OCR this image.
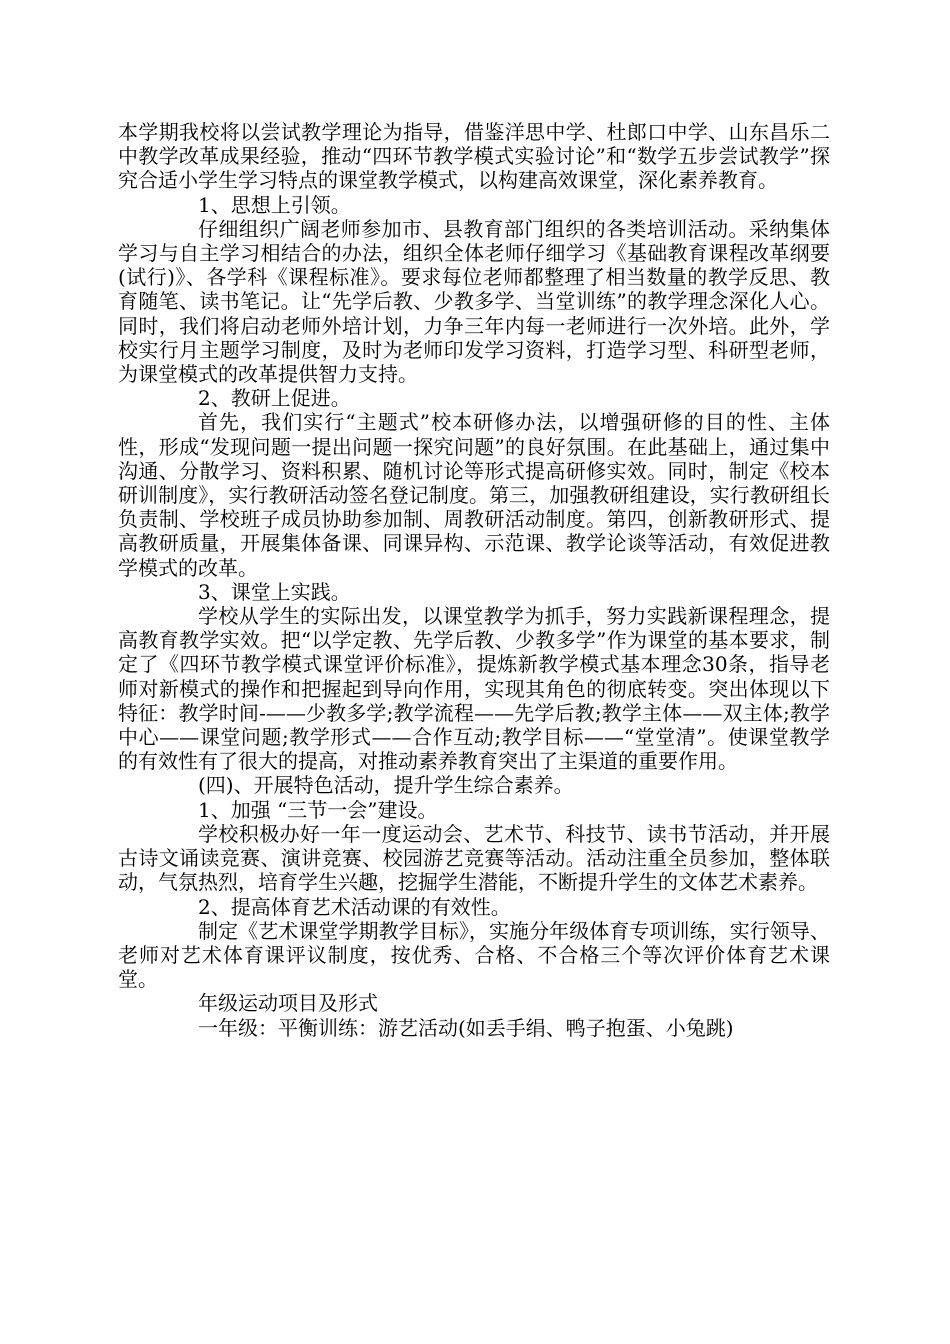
本学期我校将以尝试教学理论为指导，借鉴洋思中学、杜郎口中学、山东昌乐二中教学改革成果经验，推动“四环节教学模式实验讨论”和“数学五步尝试教学”探究合适小学生学习特点的课堂教学模式，以构建高效课堂，深化素养教育。

1、思想上引领。

仔细组织广阔老师参加市、县教育部门组织的各类培训活动。采纳集体学习与自主学习相结合的办法，组织全体老师仔细学习《基础教育课程改革纲要(试行)》、各学科《课程标准》。要求每位老师都整理了相当数量的教学反思、教育随笔、读书笔记。让“先学后教、少教多学、当堂训练”的教学理念深化人心。同时，我们将启动老师外培计划，力争三年内每一老师进行一次外培。此外，学校实行月主题学习制度，及时为老师印发学习资料，打造学习型、科研型老师，为课堂模式的改革提供智力支持。

2、教研上促进。

首先，我们实行“主题式”校本研修办法，以增强研修的目的性、主体性，形成“发现问题一提出问题一探究问题”的良好氛围。在此基础上，通过集中沟通、分散学习、资料积累、随机讨论等形式提高研修实效。同时，制定《校本研训制度》，实行教研活动签名登记制度。第三，加强教研组建设，实行教研组长负责制、学校班子成员协助参加制、周教研活动制度。第四，创新教研形式、提高教研质量，开展集体备课、同课异构、示范课、教学论谈等活动，有效促进教学模式的改革。

3、课堂上实践。

学校从学生的实际出发，以课堂教学为抓手，努力实践新课程理念，提高教育教学实效。把“以学定教、先学后教、少教多学”作为课堂的基本要求，制定了《四环节教学模式课堂评价标准》，提炼新教学模式基本理念30条，指导老师对新模式的操作和把握起到导向作用，实现其角色的彻底转变。突出体现以下特征：教学时间-——少教多学;教学流程——先学后教;教学主体——双主体;教学中心——课堂问题;教学形式——合作互动;教学目标——“堂堂清”。使课堂教学的有效性有了很大的提高，对推动素养教育突出了主渠道的重要作用。

(四)、开展特色活动，提升学生综合素养。

1、加强 “三节一会”建设。

学校积极办好一年一度运动会、艺术节、科技节、读书节活动，并开展古诗文诵读竞赛、演讲竞赛、校园游艺竞赛等活动。活动注重全员参加，整体联动，气氛热烈，培育学生兴趣，挖掘学生潜能，不断提升学生的文体艺术素养。

2、提高体育艺术活动课的有效性。

制定《艺术课堂学期教学目标》，实施分年级体育专项训练，实行领导、老师对艺术体育课评议制度，按优秀、合格、不合格三个等次评价体育艺术课堂。

年级运动项目及形式

一年级：平衡训练：游艺活动(如丢手绢、鸭子抱蛋、小兔跳)
